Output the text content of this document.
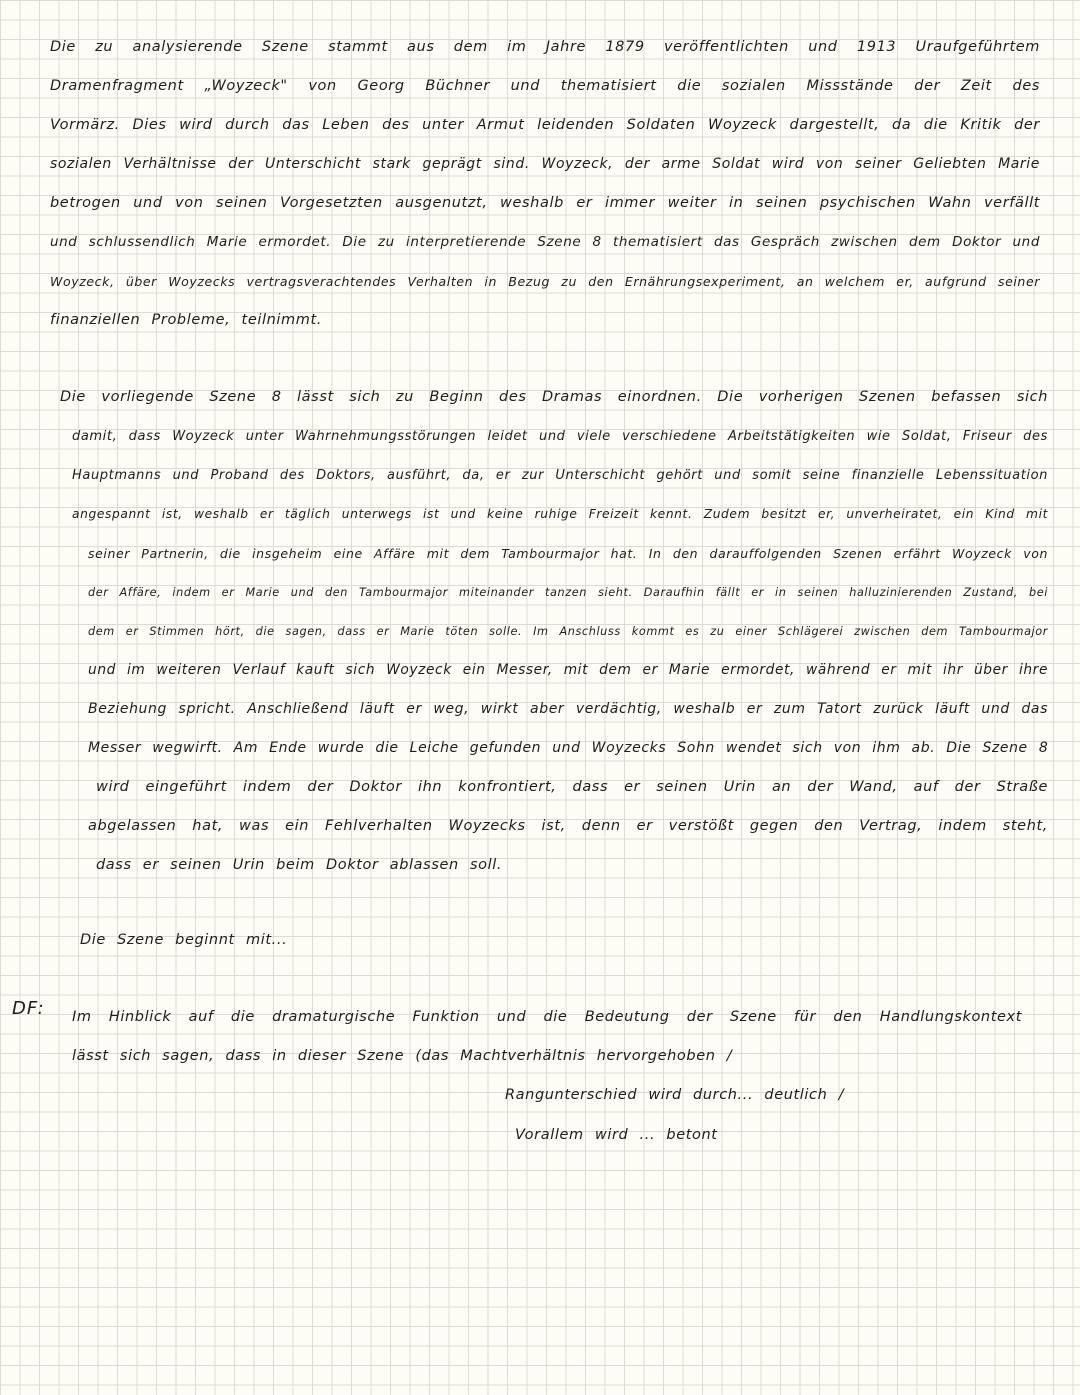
Die zu analysierende Szene stammt aus dem im Jahre 1879 veröffentlichten und 1913 Uraufgeführtem
Dramenfragment „Woyzeck" von Georg Büchner und thematisiert die sozialen Missstände der Zeit des
Vormärz. Dies wird durch das Leben des unter Armut leidenden Soldaten Woyzeck dargestellt, da die Kritik der
sozialen Verhältnisse der Unterschicht stark geprägt sind. Woyzeck, der arme Soldat wird von seiner Geliebten Marie
betrogen und von seinen Vorgesetzten ausgenutzt, weshalb er immer weiter in seinen psychischen Wahn verfällt
und schlussendlich Marie ermordet. Die zu interpretierende Szene 8 thematisiert das Gespräch zwischen dem Doktor und
Woyzeck, über Woyzecks vertragsverachtendes Verhalten in Bezug zu den Ernährungsexperiment, an welchem er, aufgrund seiner
finanziellen Probleme, teilnimmt.
Die vorliegende Szene 8 lässt sich zu Beginn des Dramas einordnen. Die vorherigen Szenen befassen sich
damit, dass Woyzeck unter Wahrnehmungsstörungen leidet und viele verschiedene Arbeitstätigkeiten wie Soldat, Friseur des
Hauptmanns und Proband des Doktors, ausführt, da, er zur Unterschicht gehört und somit seine finanzielle Lebenssituation
angespannt ist, weshalb er täglich unterwegs ist und keine ruhige Freizeit kennt. Zudem besitzt er, unverheiratet, ein Kind mit
seiner Partnerin, die insgeheim eine Affäre mit dem Tambourmajor hat. In den darauffolgenden Szenen erfährt Woyzeck von
der Affäre, indem er Marie und den Tambourmajor miteinander tanzen sieht. Daraufhin fällt er in seinen halluzinierenden Zustand, bei
dem er Stimmen hört, die sagen, dass er Marie töten solle. Im Anschluss kommt es zu einer Schlägerei zwischen dem Tambourmajor
und im weiteren Verlauf kauft sich Woyzeck ein Messer, mit dem er Marie ermordet, während er mit ihr über ihre
Beziehung spricht. Anschließend läuft er weg, wirkt aber verdächtig, weshalb er zum Tatort zurück läuft und das
Messer wegwirft. Am Ende wurde die Leiche gefunden und Woyzecks Sohn wendet sich von ihm ab. Die Szene 8
wird eingeführt indem der Doktor ihn konfrontiert, dass er seinen Urin an der Wand, auf der Straße
abgelassen hat, was ein Fehlverhalten Woyzecks ist, denn er verstößt gegen den Vertrag, indem steht,
dass er seinen Urin beim Doktor ablassen soll.
Die Szene beginnt mit...
DF: Im Hinblick auf die dramaturgische Funktion und die Bedeutung der Szene für den Handlungskontext
lässt sich sagen, dass in dieser Szene (das Machtverhältnis hervorgehoben /
Rangunterschied wird durch... deutlich /
Vorallem wird ... betont
